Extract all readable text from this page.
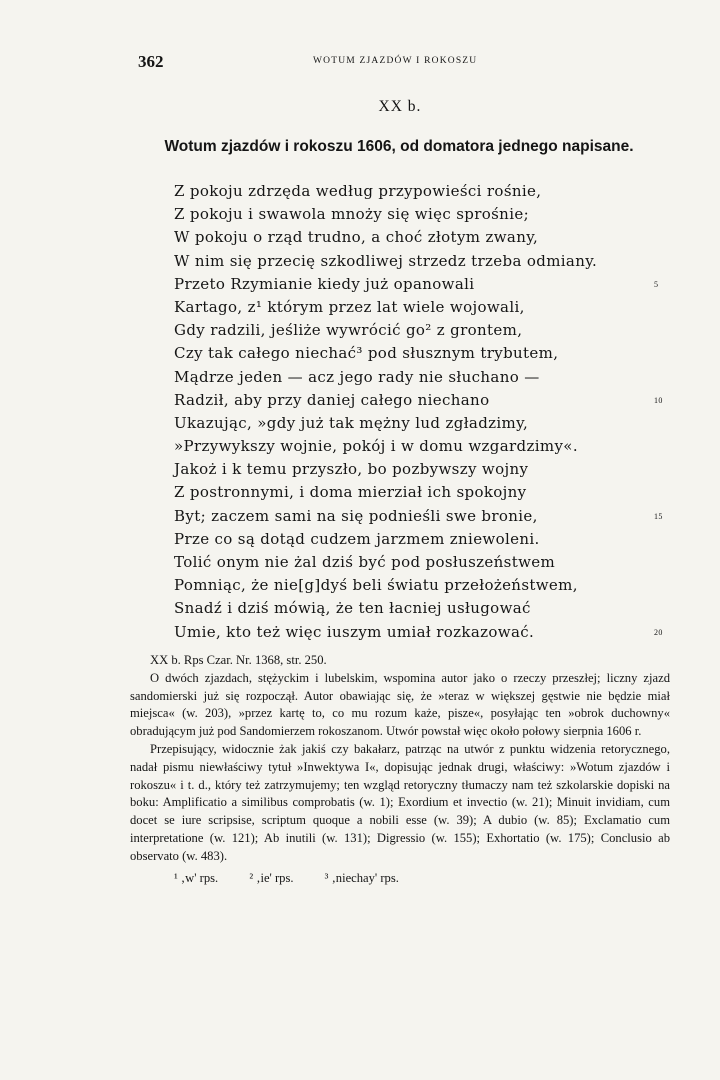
362	WOTUM ZJAZDÓW I ROKOSZU
XX b.
Wotum zjazdów i rokoszu 1606, od domatora jednego napisane.
Z pokoju zdrzęda według przypowieści rośnie,
Z pokoju i swawola mnoży się więc sprośnie;
W pokoju o rząd trudno, a choć złotym zwany,
W nim się przecię szkodliwej strzedz trzeba odmiany.
Przeto Rzymianie kiedy już opanowali	5
Kartago, z¹ którym przez lat wiele wojowali,
Gdy radzili, jeśliże wywrócić go² z grontem,
Czy tak całego niechać³ pod słusznym trybutem,
Mądrze jeden — acz jego rady nie słuchano —
Radził, aby przy daniej całego niechano	10
Ukazując, »gdy już tak mężny lud zgładzimy,
»Przywykszy wojnie, pokój i w domu wzgardzimy«.
Jakoż i k temu przyszło, bo pozbywszy wojny
Z postronnymi, i doma mierział ich spokojny
Byt; zaczem sami na się podnieśli swe bronie,	15
Prze co są dotąd cudzem jarzmem zniewoleni.
Tolić onym nie żal dziś być pod posłuszeństwem
Pomniąc, że nie[g]dyś beli światu przełożeństwem,
Snadź i dziś mówią, że ten łacniej usługować
Umie, kto też więc iuszym umiał rozkazować.	20

XX b. Rps Czar. Nr. 1368, str. 250.

O dwóch zjazdach, stężyckim i lubelskim, wspomina autor jako o rzeczy przeszłej; liczny zjazd sandomierski już się rozpoczął. Autor obawiając się, że »teraz w większej gęstwie nie będzie miał miejsca« (w. 203), »przez kartę to, co mu rozum każe, pisze«, posyłając ten »obrok duchowny« obradującym już pod Sandomierzem rokoszanom. Utwór powstał więc około połowy sierpnia 1606 r.

Przepisujący, widocznie żak jakiś czy bakałarz, patrząc na utwór z punktu widzenia retorycznego, nadał pismu niewłaściwy tytuł »Inwektywa I«, dopisując jednak drugi, właściwy: »Wotum zjazdów i rokoszu« i t. d., który też zatrzymujemy; ten wzgląd retoryczny tłumaczy nam też szkolarskie dopiski na boku: Amplificatio a similibus comprobatis (w. 1); Exordium et invectio (w. 21); Minuit invidiam, cum docet se iure scripsise, scriptum quoque a nobili esse (w. 39); A dubio (w. 85); Exclamatio cum interpretatione (w. 121); Ab inutili (w. 131); Digressio (w. 155); Exhortatio (w. 175); Conclusio ab observato (w. 483).

¹ ‚w' rps. ² ‚ie' rps. ³ ‚niechay' rps.
